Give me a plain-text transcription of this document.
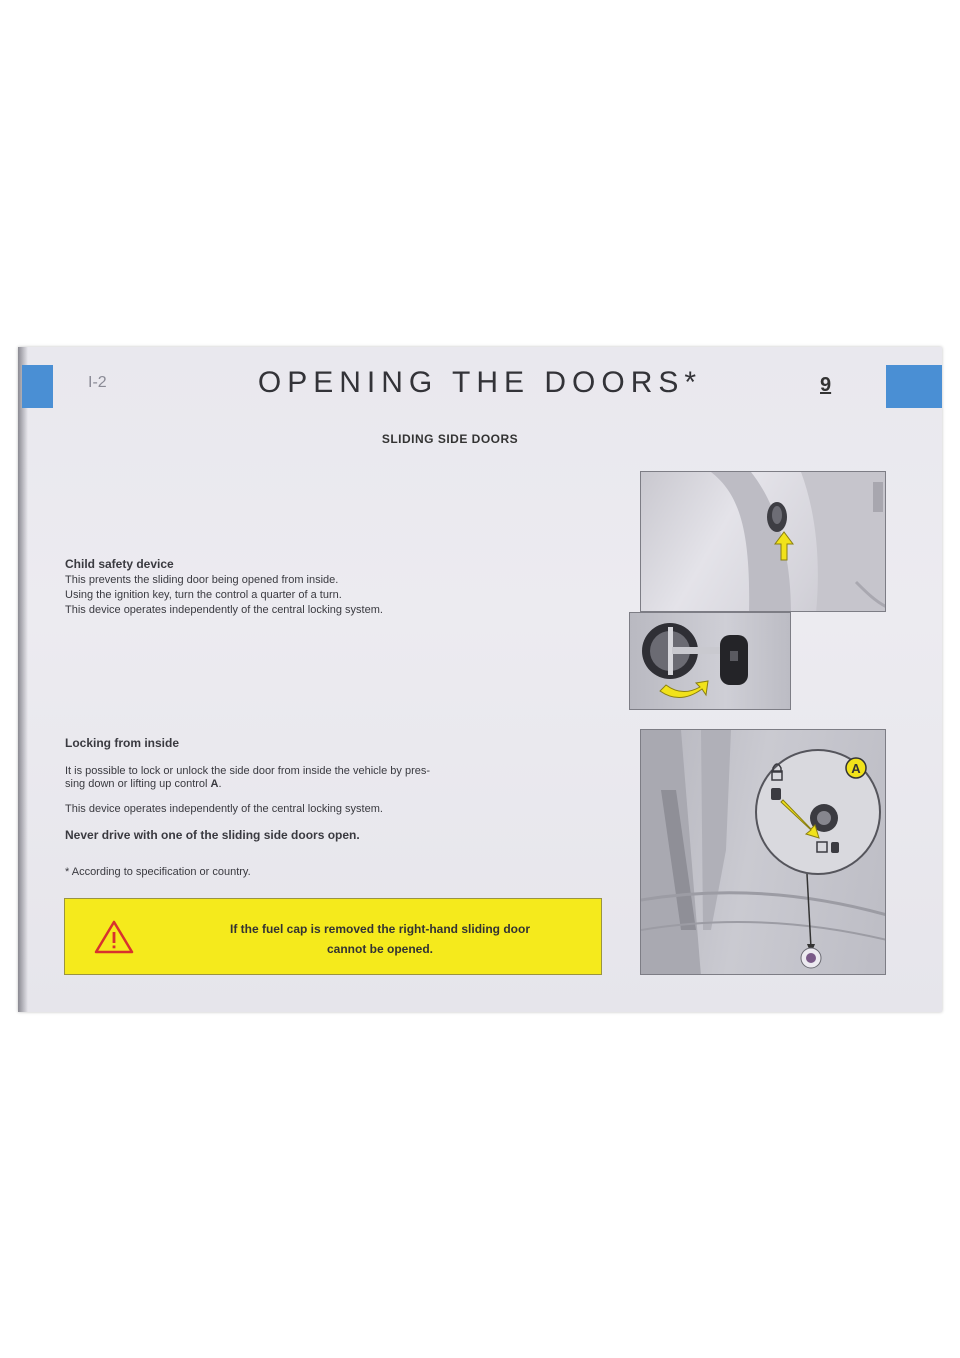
I-2	OPENING THE DOORS*	9
SLIDING SIDE DOORS
Child safety device
This prevents the sliding door being opened from inside.
Using the ignition key, turn the control a quarter of a turn.
This device operates independently of the central locking system.
Locking from inside
It is possible to lock or unlock the side door from inside the vehicle by pres-
sing down or lifting up control A.
This device operates independently of the central locking system.
Never drive with one of the sliding side doors open.
* According to specification or country.
If the fuel cap is removed the right-hand sliding door
cannot be opened.
A
